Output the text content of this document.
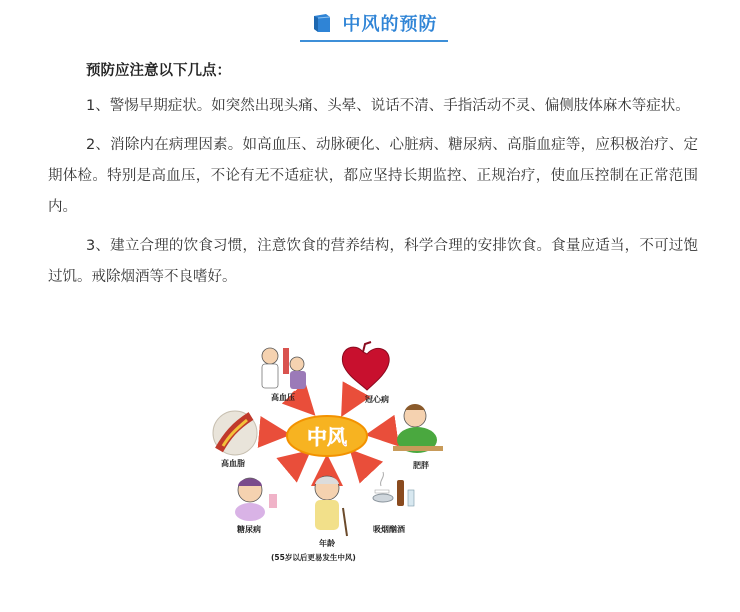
中风的预防

预防应注意以下几点：

1、警惕早期症状。如突然出现头痛、头晕、说话不清、手指活动不灵、偏侧肢体麻木等症状。

2、消除内在病理因素。如高血压、动脉硬化、心脏病、糖尿病、高脂血症等，应积极治疗、定期体检。特别是高血压，不论有无不适症状，都应坚持长期监控、正规治疗，使血压控制在正常范围内。

3、建立合理的饮食习惯，注意饮食的营养结构，科学合理的安排饮食。食量应适当，不可过饱过饥。戒除烟酒等不良嗜好。

中风
高血压	冠心病
高血脂	肥胖
糖尿病
年龄
(55岁以后更易发生中风)
吸烟酗酒
